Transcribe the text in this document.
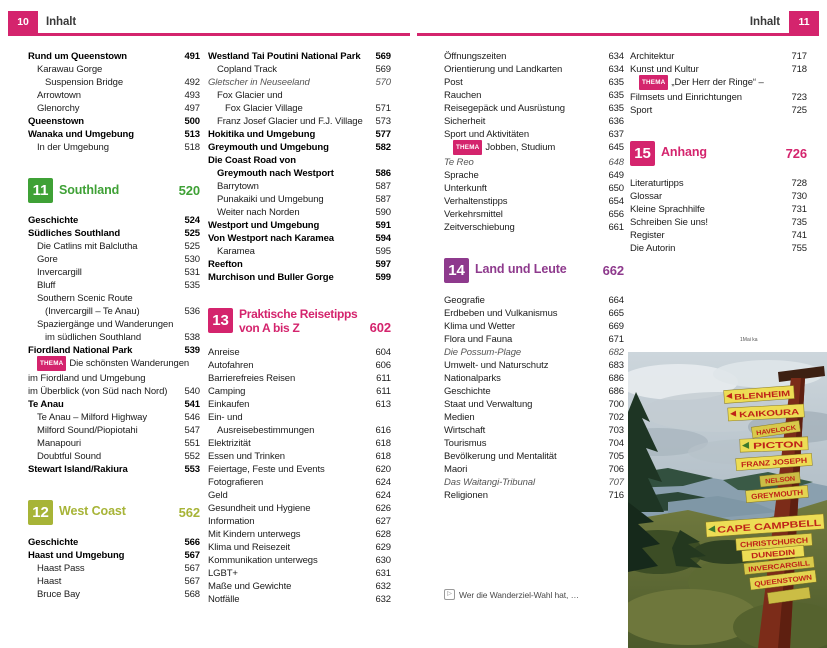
10	Inhalt	11
Inhalt
Rund um Queenstown	491
Karawau Gorge
Suspension Bridge	492
Arrowtown	493
Glenorchy	497
Queenstown	500
Wanaka und Umgebung	513
In der Umgebung	518
11 Southland	520
Geschichte	524
Südliches Southland	525
Die Catlins mit Balclutha	525
Gore	530
Invercargill	531
Bluff	535
Southern Scenic Route
(Invercargill – Te Anau)	536
Spaziergänge und Wanderungen
im südlichen Southland	538
Fiordland National Park	539
THEMA Die schönsten Wanderungen
im Fiordland und Umgebung
im Überblick (von Süd nach Nord)	540
Te Anau	541
Te Anau – Milford Highway	546
Milford Sound/Piopiotahi	547
Manapouri	551
Doubtful Sound	552
Stewart Island/Rakiura	553
12 West Coast	562
Geschichte	566
Haast und Umgebung	567
Haast Pass	567
Haast	567
Bruce Bay	568
Westland Tai Poutini National Park	569
Copland Track	569
Gletscher in Neuseeland	570
Fox Glacier und
Fox Glacier Village	571
Franz Josef Glacier und F.J. Village	573
Hokitika und Umgebung	577
Greymouth und Umgebung	582
Die Coast Road von
Greymouth nach Westport	586
Barrytown	587
Punakaiki und Umgebung	587
Weiter nach Norden	590
Westport und Umgebung	591
Von Westport nach Karamea	594
Karamea	595
Reefton	597
Murchison und Buller Gorge	599
13 Praktische Reisetipps von A bis Z	602
Anreise	604
Autofahren	606
Barrierefreies Reisen	611
Camping	611
Einkaufen	613
Ein- und
Ausreisebestimmungen	616
Elektrizität	618
Essen und Trinken	618
Feiertage, Feste und Events	620
Fotografieren	624
Geld	624
Gesundheit und Hygiene	626
Information	627
Mit Kindern unterwegs	628
Klima und Reisezeit	629
Kommunikation unterwegs	630
LGBT+	631
Maße und Gewichte	632
Notfälle	632
Öffnungszeiten	634
Orientierung und Landkarten	634
Post	635
Rauchen	635
Reisegepäck und Ausrüstung	635
Sicherheit	636
Sport und Aktivitäten	637
THEMA Jobben, Studium	645
Te Reo	648
Sprache	649
Unterkunft	650
Verhaltenstipps	654
Verkehrsmittel	656
Zeitverschiebung	661
14 Land und Leute	662
Geografie	664
Erdbeben und Vulkanismus	665
Klima und Wetter	669
Flora und Fauna	671
Die Possum-Plage	682
Umwelt- und Naturschutz	683
Nationalparks	686
Geschichte	686
Staat und Verwaltung	700
Medien	702
Wirtschaft	703
Tourismus	704
Bevölkerung und Mentalität	705
Maori	706
Das Waitangi-Tribunal	707
Religionen	716
Architektur	717
Kunst und Kultur	718
THEMA „Der Herr der Ringe“ –
Filmsets und Einrichtungen	723
Sport	725
15 Anhang	726
Literaturtipps	728
Glossar	730
Kleine Sprachhilfe	731
Schreiben Sie uns!	735
Register	741
Die Autorin	755
▷ Wer die Wanderziel-Wahl hat, …
1Mai ka
BLENHEIM
KAIKOURA
HAVELOCK
PICTON
FRANZ JOSEPH
NELSON
GREYMOUTH
CAPE CAMPBELL
CHRISTCHURCH
DUNEDIN
INVERCARGILL
QUEENSTOWN
